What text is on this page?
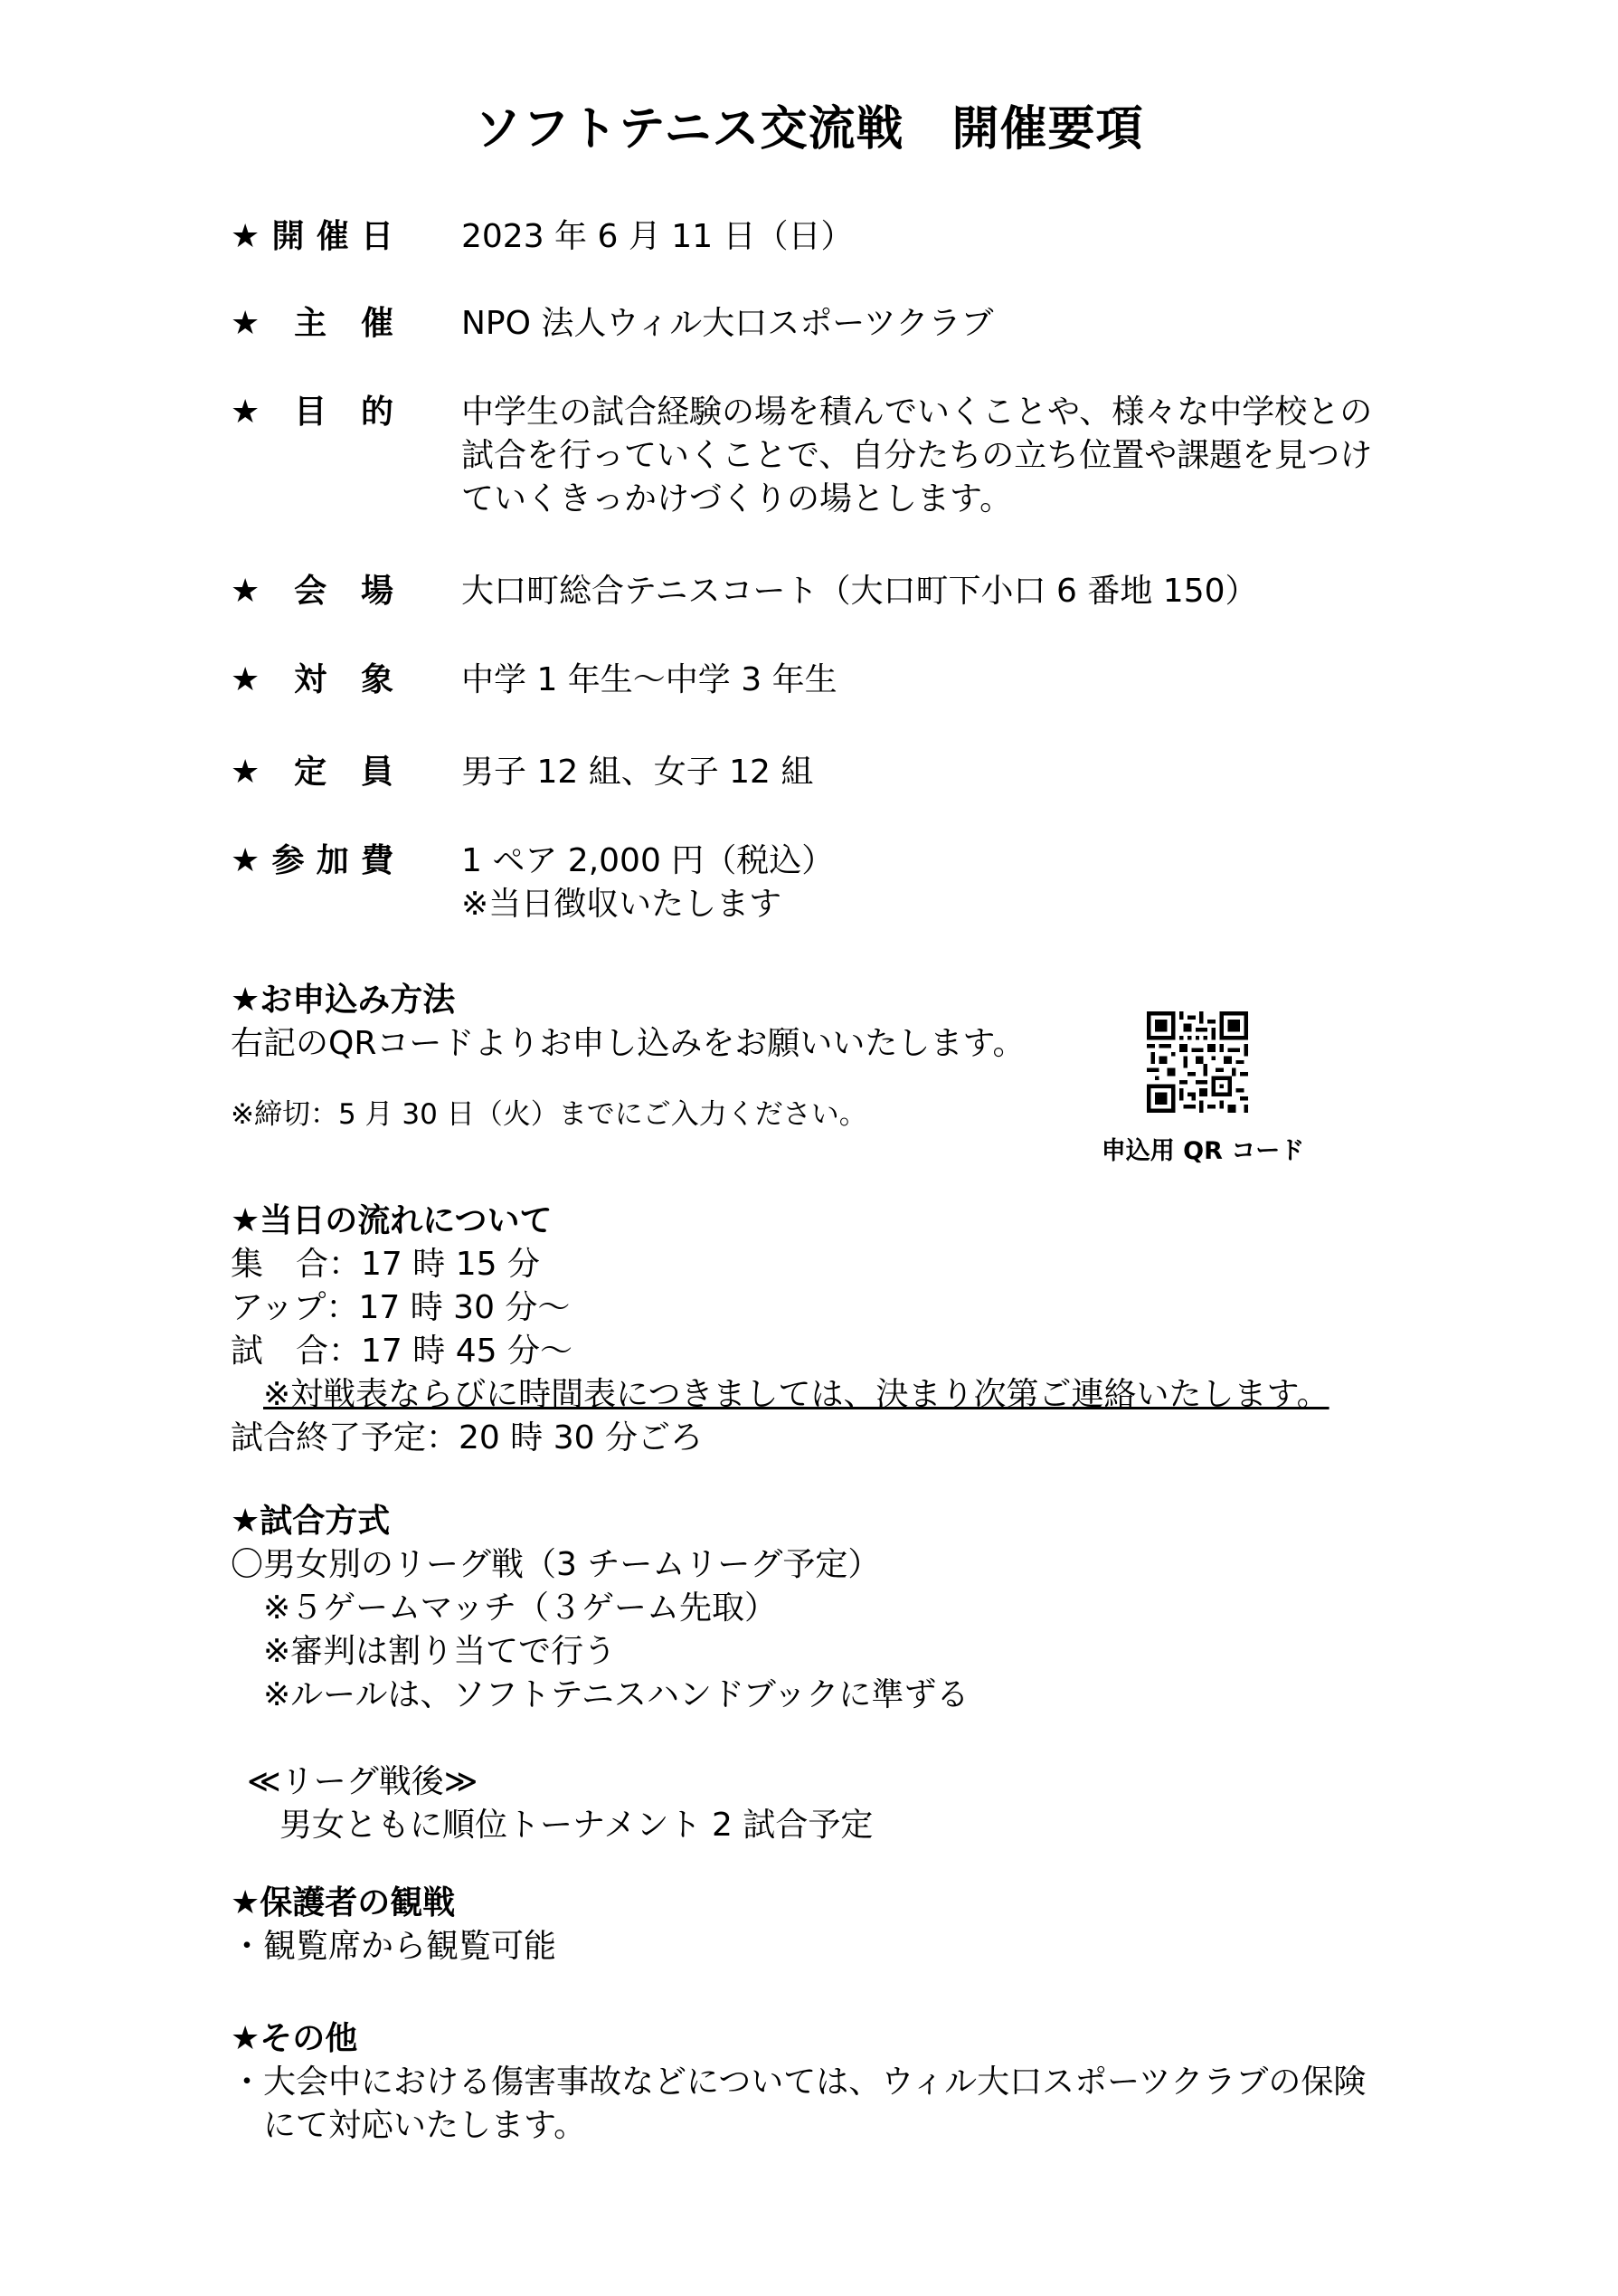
ソフトテニス交流戦　開催要項
★ 開 催 日 2023 年 6 月 11 日（日）
★ 主 催 NPO 法人ウィル大口スポーツクラブ
★ 目 的 中学生の試合経験の場を積んでいくことや、様々な中学校との
試合を行っていくことで、自分たちの立ち位置や課題を見つけ
ていくきっかけづくりの場とします。
★ 会 場 大口町総合テニスコート（大口町下小口 6 番地 150）
★ 対 象 中学 1 年生～中学 3 年生
★ 定 員 男子 12 組、女子 12 組
★ 参 加 費 1 ペア 2,000 円（税込）
※当日徴収いたします
★お申込み方法
右記のQRコードよりお申し込みをお願いいたします。
※締切：5 月 30 日（火）までにご入力ください。
申込用 QR コード
★当日の流れについて
集　合：17 時 15 分
アップ：17 時 30 分～
試　合：17 時 45 分～
※対戦表ならびに時間表につきましては、決まり次第ご連絡いたします。
試合終了予定：20 時 30 分ごろ
★試合方式
〇男女別のリーグ戦（3 チームリーグ予定）
※５ゲームマッチ（３ゲーム先取）
※審判は割り当てで行う
※ルールは、ソフトテニスハンドブックに準ずる
≪リーグ戦後≫
男女ともに順位トーナメント 2 試合予定
★保護者の観戦
・観覧席から観覧可能
★その他
・大会中における傷害事故などについては、ウィル大口スポーツクラブの保険
　にて対応いたします。
